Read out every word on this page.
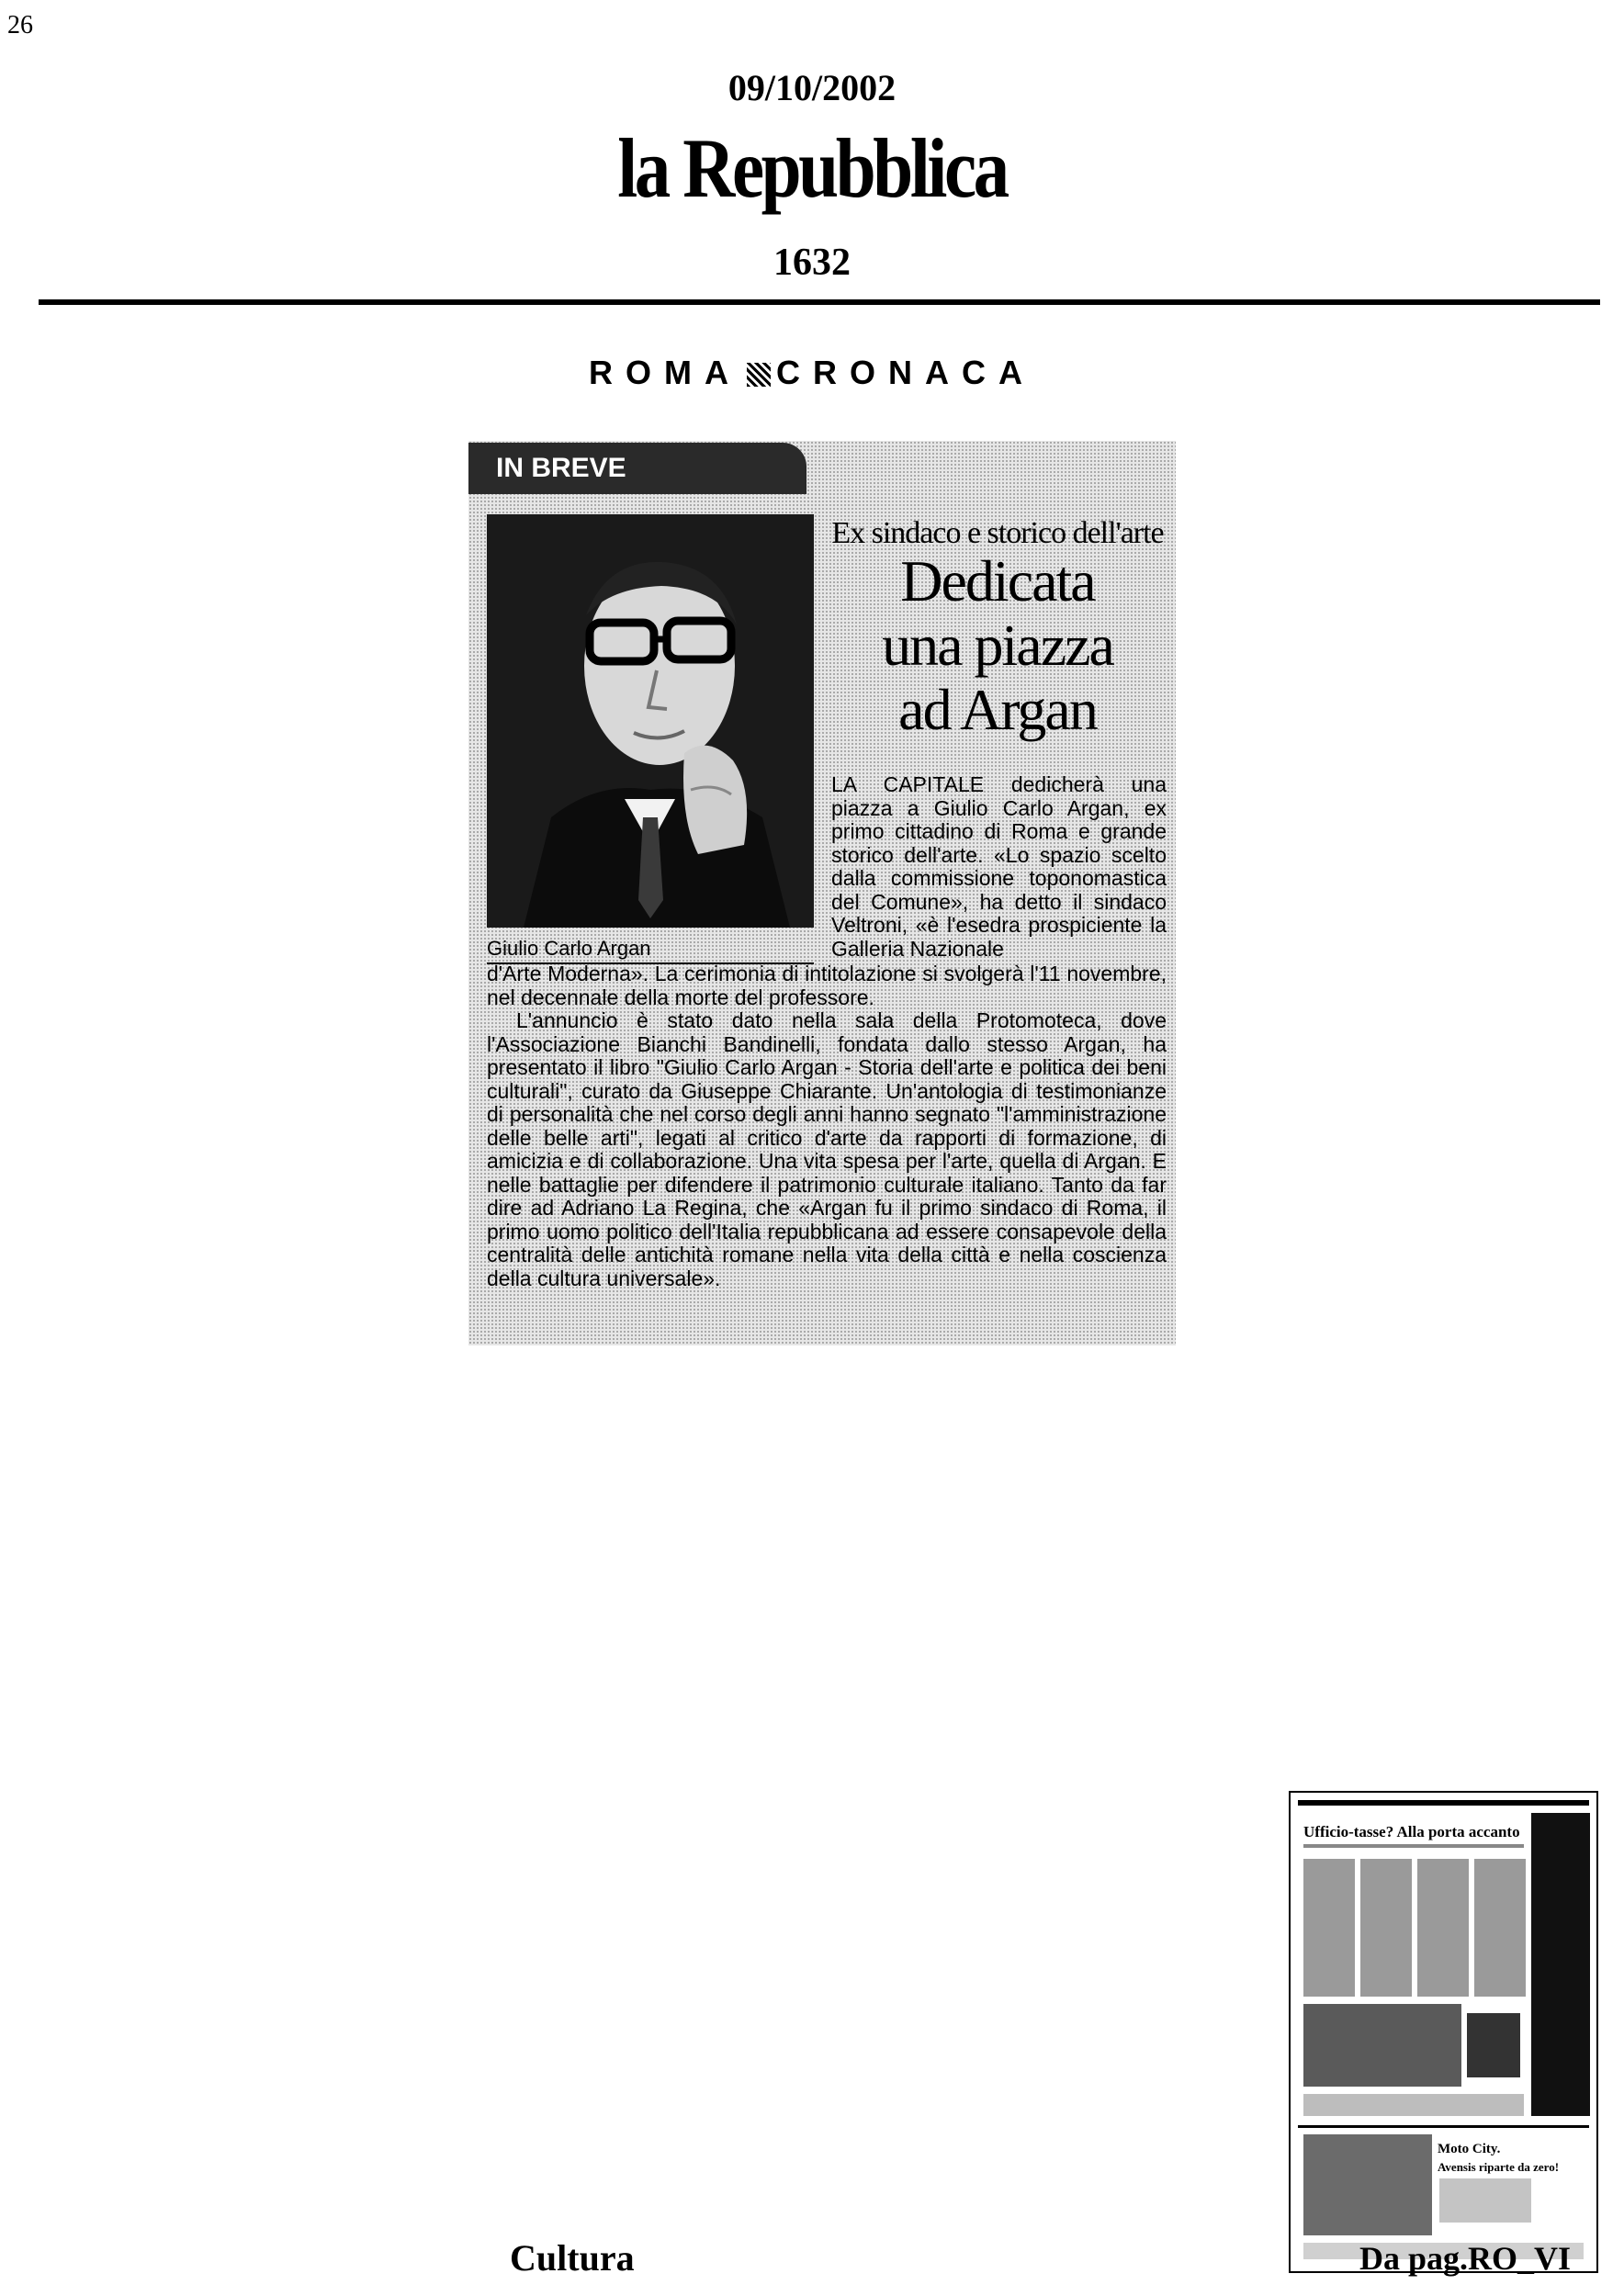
26
09/10/2002
la Repubblica
1632
ROMA CRONACA
IN BREVE
Giulio Carlo Argan
Ex sindaco e storico dell'arte
Dedicata
una piazza
ad Argan
LA CAPITALE dedicherà una piazza a Giulio Carlo Argan, ex primo cittadino di Roma e grande storico dell'arte. «Lo spazio scelto dalla commissione toponomastica del Comune», ha detto il sindaco Veltroni, «è l'esedra prospiciente la Galleria Nazionale

d'Arte Moderna». La cerimonia di intitolazione si svolgerà l'11 novembre, nel decennale della morte del professore.

L'annuncio è stato dato nella sala della Protomoteca, dove l'Associazione Bianchi Bandinelli, fondata dallo stesso Argan, ha presentato il libro "Giulio Carlo Argan - Storia dell'arte e politica dei beni culturali", curato da Giuseppe Chiarante. Un'antologia di testimonianze di personalità che nel corso degli anni hanno segnato "l'amministrazione delle belle arti", legati al critico d'arte da rapporti di formazione, di amicizia e di collaborazione. Una vita spesa per l'arte, quella di Argan. E nelle battaglie per difendere il patrimonio culturale italiano. Tanto da far dire ad Adriano La Regina, che «Argan fu il primo sindaco di Roma, il primo uomo politico dell'Italia repubblicana ad essere consapevole della centralità delle antichità romane nella vita della città e nella coscienza della cultura universale».

Ufficio-tasse? Alla porta accanto
Moto City.
Avensis riparte da zero!
Cultura	Da pag.RO_VI
